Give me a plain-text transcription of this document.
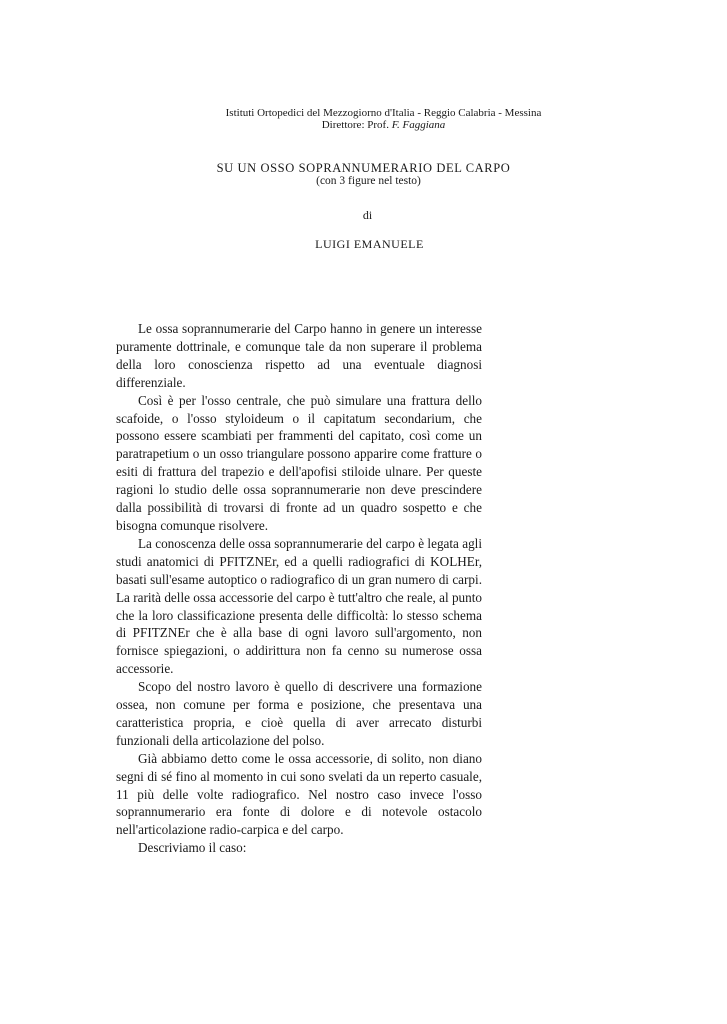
Istituti Ortopedici del Mezzogiorno d'Italia - Reggio Calabria - Messina
Direttore: Prof. F. Faggiana
SU UN OSSO SOPRANNUMERARIO DEL CARPO
(con 3 figure nel testo)
di
LUIGI EMANUELE

Le ossa soprannumerarie del Carpo hanno in genere un interesse puramente dottrinale, e comunque tale da non superare il problema della loro conoscienza rispetto ad una eventuale diagnosi differenziale.

Così è per l'osso centrale, che può simulare una frattura dello scafoide, o l'osso styloideum o il capitatum secondarium, che possono essere scambiati per frammenti del capitato, così come un paratrapetium o un osso triangulare possono apparire come fratture o esiti di frattura del trapezio e dell'apofisi stiloide ulnare. Per queste ragioni lo studio delle ossa soprannumerarie non deve prescindere dalla possibilità di trovarsi di fronte ad un quadro sospetto e che bisogna comunque risolvere.

La conoscenza delle ossa soprannumerarie del carpo è legata agli studi anatomici di PFITZNEr, ed a quelli radiografici di KOLHEr, basati sull'esame autoptico o radiografico di un gran numero di carpi. La rarità delle ossa accessorie del carpo è tutt'altro che reale, al punto che la loro classificazione presenta delle difficoltà: lo stesso schema di PFITZNEr che è alla base di ogni lavoro sull'argomento, non fornisce spiegazioni, o addirittura non fa cenno su numerose ossa accessorie.

Scopo del nostro lavoro è quello di descrivere una formazione ossea, non comune per forma e posizione, che presentava una caratteristica propria, e cioè quella di aver arrecato disturbi funzionali della articolazione del polso.

Già abbiamo detto come le ossa accessorie, di solito, non diano segni di sé fino al momento in cui sono svelati da un reperto casuale, 11 più delle volte radiografico. Nel nostro caso invece l'osso soprannumerario era fonte di dolore e di notevole ostacolo nell'articolazione radio-carpica e del carpo.

Descriviamo il caso:
